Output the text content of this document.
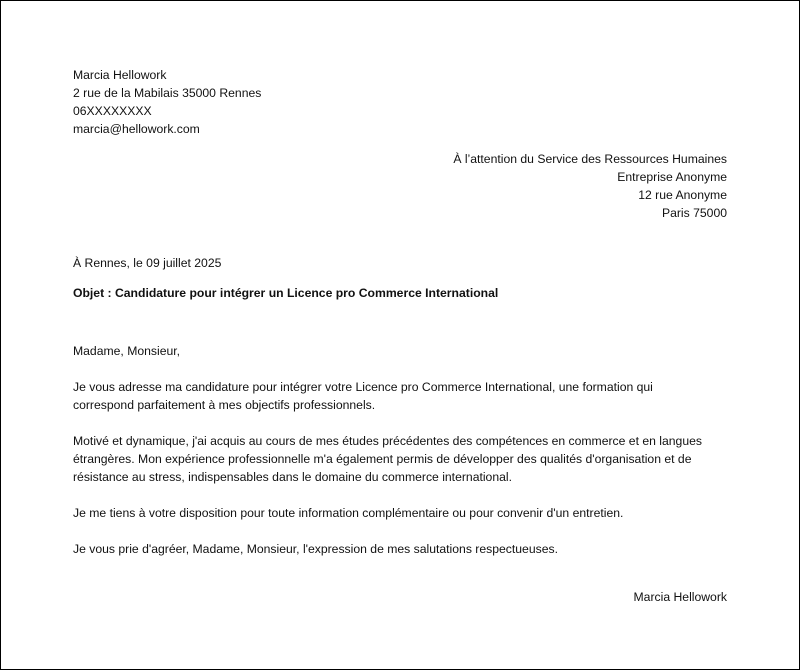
Marcia Hellowork
2 rue de la Mabilais 35000 Rennes
06XXXXXXXX
marcia@hellowork.com
À l’attention du Service des Ressources Humaines
Entreprise Anonyme
12 rue Anonyme
Paris 75000
À Rennes, le 09 juillet 2025
Objet : Candidature pour intégrer un Licence pro Commerce International

Madame, Monsieur,

Je vous adresse ma candidature pour intégrer votre Licence pro Commerce International, une formation qui correspond parfaitement à mes objectifs professionnels.

Motivé et dynamique, j'ai acquis au cours de mes études précédentes des compétences en commerce et en langues étrangères. Mon expérience professionnelle m'a également permis de développer des qualités d'organisation et de résistance au stress, indispensables dans le domaine du commerce international.

Je me tiens à votre disposition pour toute information complémentaire ou pour convenir d'un entretien.

Je vous prie d'agréer, Madame, Monsieur, l'expression de mes salutations respectueuses.

Marcia Hellowork
